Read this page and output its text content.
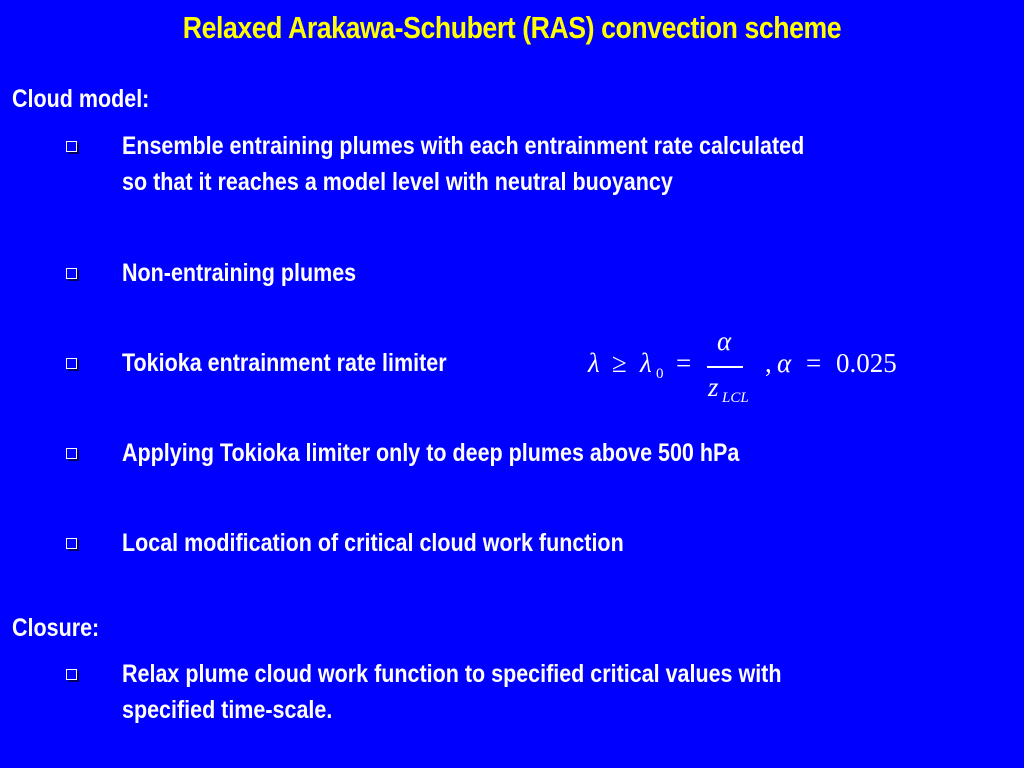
Relaxed Arakawa-Schubert (RAS) convection scheme
Cloud model:
Ensemble entraining plumes with each entrainment rate calculated
so that it reaches a model level with neutral buoyancy
Non-entraining plumes
Tokioka entrainment rate limiter	λ ≥ λ 0 =
α
z LCL
, α = 0.025
Applying Tokioka limiter only to deep plumes above 500 hPa
Local modification of critical cloud work function
Closure:
Relax plume cloud work function to specified critical values with
specified time-scale.
